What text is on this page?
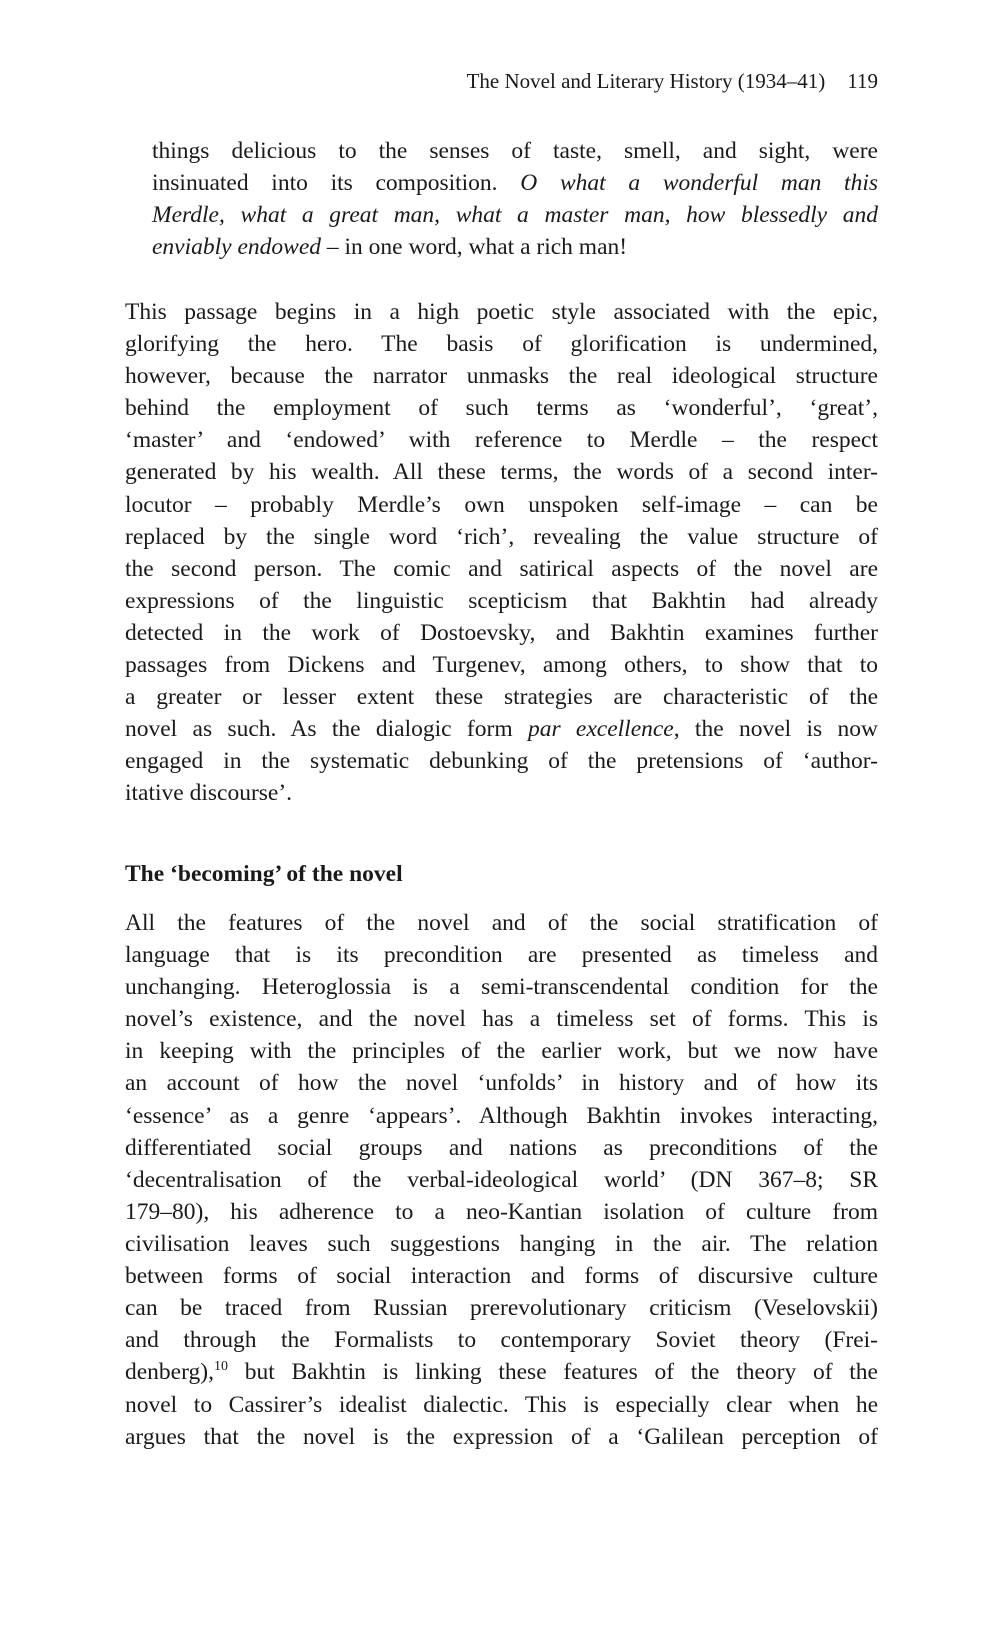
The Novel and Literary History (1934–41) 119
things delicious to the senses of taste, smell, and sight, were
insinuated into its composition. O what a wonderful man this
Merdle, what a great man, what a master man, how blessedly and
enviably endowed – in one word, what a rich man!
This passage begins in a high poetic style associated with the epic,
glorifying the hero. The basis of glorification is undermined,
however, because the narrator unmasks the real ideological structure
behind the employment of such terms as ‘wonderful’, ‘great’,
‘master’ and ‘endowed’ with reference to Merdle – the respect
generated by his wealth. All these terms, the words of a second inter-
locutor – probably Merdle’s own unspoken self-image – can be
replaced by the single word ‘rich’, revealing the value structure of
the second person. The comic and satirical aspects of the novel are
expressions of the linguistic scepticism that Bakhtin had already
detected in the work of Dostoevsky, and Bakhtin examines further
passages from Dickens and Turgenev, among others, to show that to
a greater or lesser extent these strategies are characteristic of the
novel as such. As the dialogic form par excellence, the novel is now
engaged in the systematic debunking of the pretensions of ‘author-
itative discourse’.
The ‘becoming’ of the novel
All the features of the novel and of the social stratification of
language that is its precondition are presented as timeless and
unchanging. Heteroglossia is a semi-transcendental condition for the
novel’s existence, and the novel has a timeless set of forms. This is
in keeping with the principles of the earlier work, but we now have
an account of how the novel ‘unfolds’ in history and of how its
‘essence’ as a genre ‘appears’. Although Bakhtin invokes interacting,
differentiated social groups and nations as preconditions of the
‘decentralisation of the verbal-ideological world’ (DN 367–8; SR
179–80), his adherence to a neo-Kantian isolation of culture from
civilisation leaves such suggestions hanging in the air. The relation
between forms of social interaction and forms of discursive culture
can be traced from Russian prerevolutionary criticism (Veselovskii)
and through the Formalists to contemporary Soviet theory (Frei-
denberg),$^{10}$ but Bakhtin is linking these features of the theory of the
novel to Cassirer’s idealist dialectic. This is especially clear when he
argues that the novel is the expression of a ‘Galilean perception of
